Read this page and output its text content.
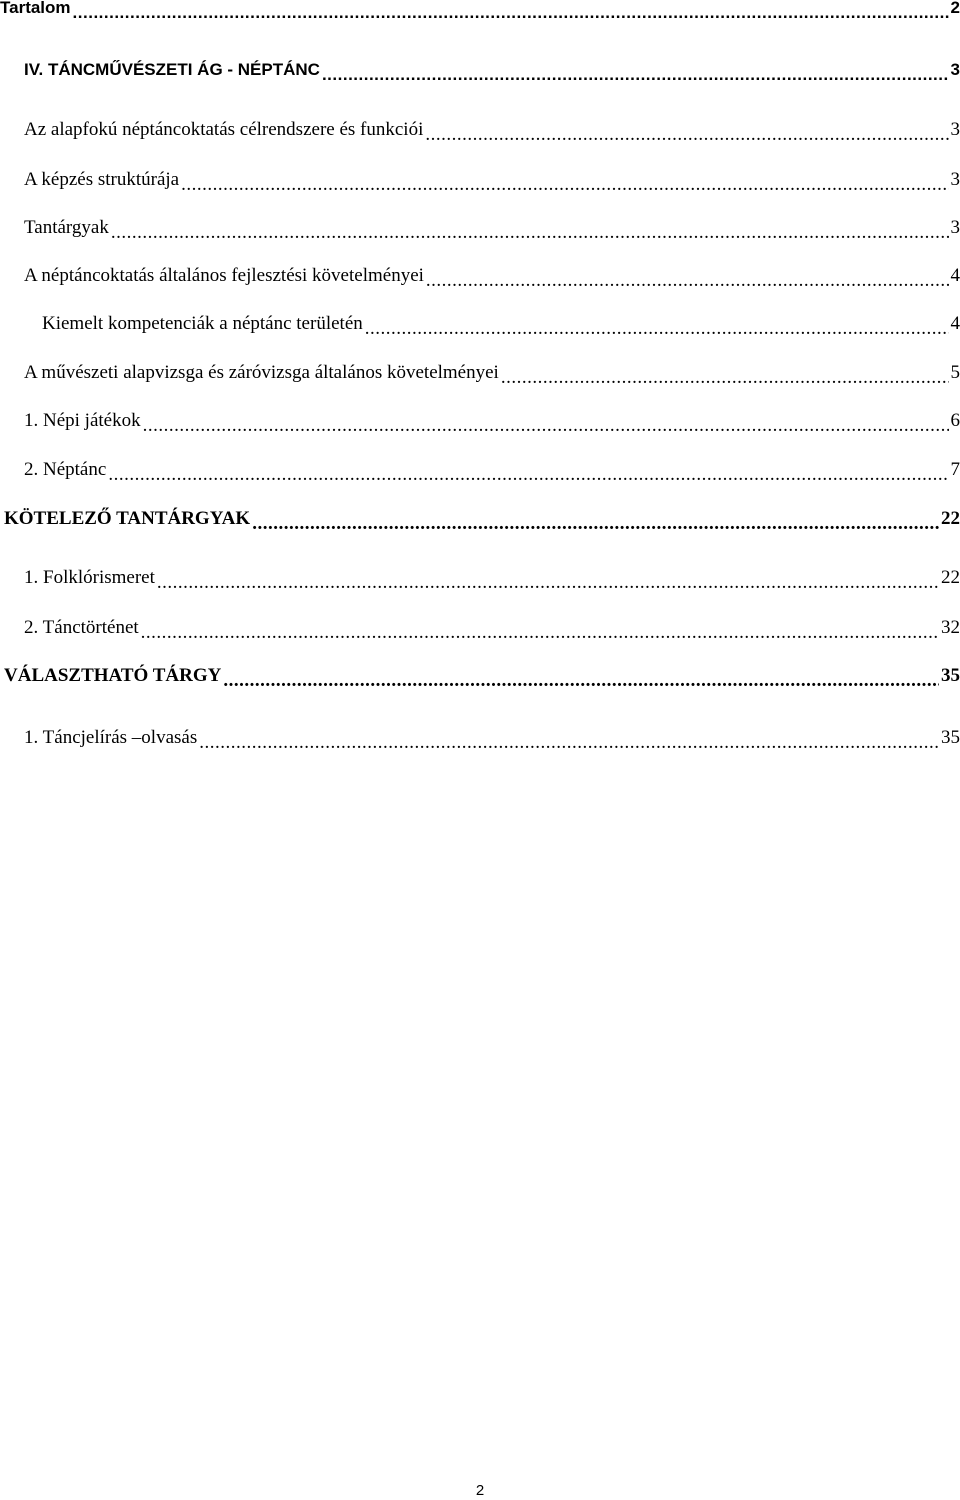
Tartalom .....	2
IV. TÁNCMŰVÉSZETI ÁG - NÉPTÁNC .....	3
Az alapfokú néptáncoktatás célrendszere és funkciói .....	3
A képzés struktúrája .....	3
Tantárgyak .....	3
A néptáncoktatás általános fejlesztési követelményei .....	4
Kiemelt kompetenciák a néptánc területén .....	4
A művészeti alapvizsga és záróvizsga általános követelményei .....	5
1. Népi játékok .....	6
2. Néptánc .....	7
KÖTELEZŐ TANTÁRGYAK .....	22
1. Folklórismeret .....	22
2. Tánctörténet .....	32
VÁLASZTHATÓ TÁRGY .....	35
1. Táncjelírás –olvasás .....	35
2
